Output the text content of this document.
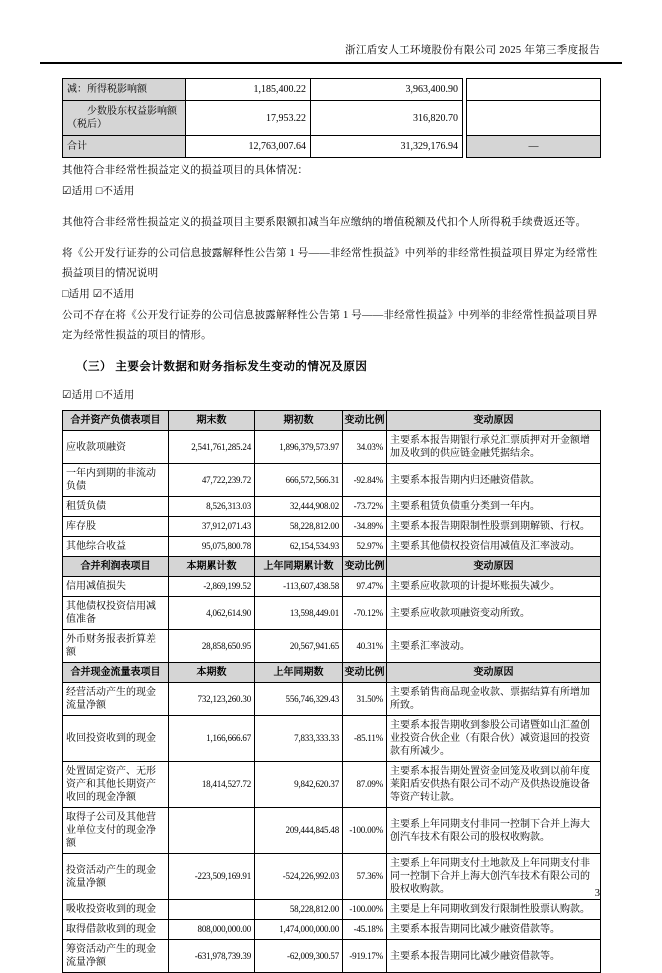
浙江盾安人工环境股份有限公司 2025 年第三季度报告
减：所得税影响额	1,185,400.22	3,963,400.90		
少数股东权益影响额（税后）	17,953.22	316,820.70		
合计	12,763,007.64	31,329,176.94		—

其他符合非经常性损益定义的损益项目的具体情况：

☑适用 □不适用

其他符合非经常性损益定义的损益项目主要系限额扣减当年应缴纳的增值税额及代扣个人所得税手续费返还等。

将《公开发行证券的公司信息披露解释性公告第 1 号——非经常性损益》中列举的非经常性损益项目界定为经常性损益项目的情况说明

□适用 ☑不适用

公司不存在将《公开发行证券的公司信息披露解释性公告第 1 号——非经常性损益》中列举的非经常性损益项目界定为经常性损益的项目的情形。

（三） 主要会计数据和财务指标发生变动的情况及原因

☑适用 □不适用

合并资产负债表项目	期末数	期初数	变动比例	变动原因
应收款项融资	2,541,761,285.24	1,896,379,573.97	34.03%	主要系本报告期银行承兑汇票质押对开金额增加及收到的供应链金融凭据结余。
一年内到期的非流动负债	47,722,239.72	666,572,566.31	-92.84%	主要系本报告期内归还融资借款。
租赁负债	8,526,313.03	32,444,908.02	-73.72%	主要系租赁负债重分类到一年内。
库存股	37,912,071.43	58,228,812.00	-34.89%	主要系本报告期限制性股票到期解锁、行权。
其他综合收益	95,075,800.78	62,154,534.93	52.97%	主要系其他债权投资信用减值及汇率波动。
合并利润表项目	本期累计数	上年同期累计数	变动比例	变动原因
信用减值损失	-2,869,199.52	-113,607,438.58	97.47%	主要系应收款项的计提坏账损失减少。
其他债权投资信用减值准备	4,062,614.90	13,598,449.01	-70.12%	主要系应收款项融资变动所致。
外币财务报表折算差额	28,858,650.95	20,567,941.65	40.31%	主要系汇率波动。
合并现金流量表项目	本期数	上年同期数	变动比例	变动原因
经营活动产生的现金流量净额	732,123,260.30	556,746,329.43	31.50%	主要系销售商品现金收款、票据结算有所增加所致。
收回投资收到的现金	1,166,666.67	7,833,333.33	-85.11%	主要系本报告期收到参股公司诸暨如山汇盈创业投资合伙企业（有限合伙）减资退回的投资款有所减少。
处置固定资产、无形资产和其他长期资产收回的现金净额	18,414,527.72	9,842,620.37	87.09%	主要系本报告期处置资金回笼及收到以前年度莱阳盾安供热有限公司不动产及供热设施设备等资产转让款。
取得子公司及其他营业单位支付的现金净额		209,444,845.48	-100.00%	主要系上年同期支付非同一控制下合并上海大创汽车技术有限公司的股权收购款。
投资活动产生的现金流量净额	-223,509,169.91	-524,226,992.03	57.36%	主要系上年同期支付土地款及上年同期支付非同一控制下合并上海大创汽车技术有限公司的股权收购款。
吸收投资收到的现金		58,228,812.00	-100.00%	主要是上年同期收到发行限制性股票认购款。
取得借款收到的现金	808,000,000.00	1,474,000,000.00	-45.18%	主要系本报告期同比减少融资借款等。
筹资活动产生的现金流量净额	-631,978,739.39	-62,009,300.57	-919.17%	主要系本报告期同比减少融资借款等。
3
